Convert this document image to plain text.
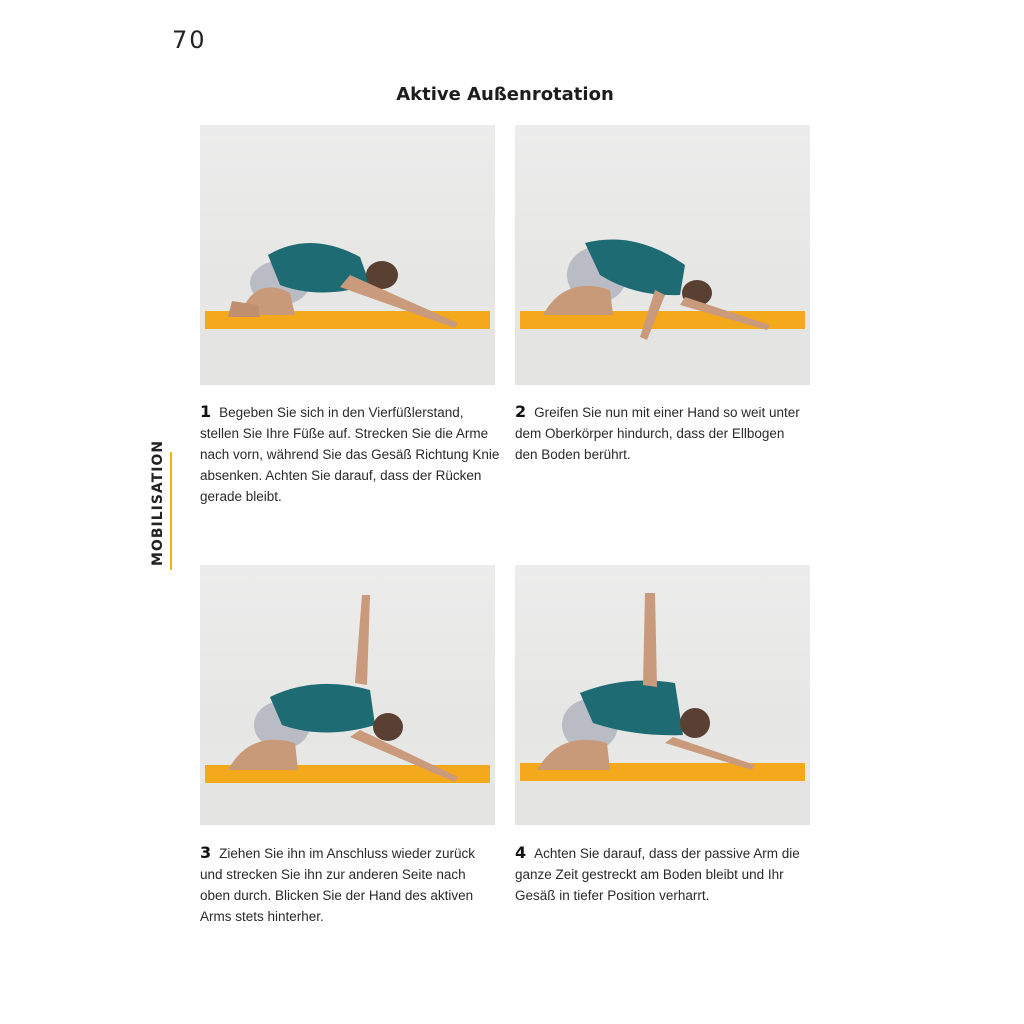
70
Aktive Außenrotation
MOBILISATION

1 Begeben Sie sich in den Vierfüßlerstand, stellen Sie Ihre Füße auf. Strecken Sie die Arme nach vorn, während Sie das Gesäß Richtung Knie absenken. Achten Sie darauf, dass der Rücken gerade bleibt.

2 Greifen Sie nun mit einer Hand so weit unter dem Oberkörper hindurch, dass der Ellbogen den Boden berührt.

3 Ziehen Sie ihn im Anschluss wieder zurück und strecken Sie ihn zur anderen Seite nach oben durch. Blicken Sie der Hand des aktiven Arms stets hinterher.

4 Achten Sie darauf, dass der passive Arm die ganze Zeit gestreckt am Boden bleibt und Ihr Gesäß in tiefer Position verharrt.
